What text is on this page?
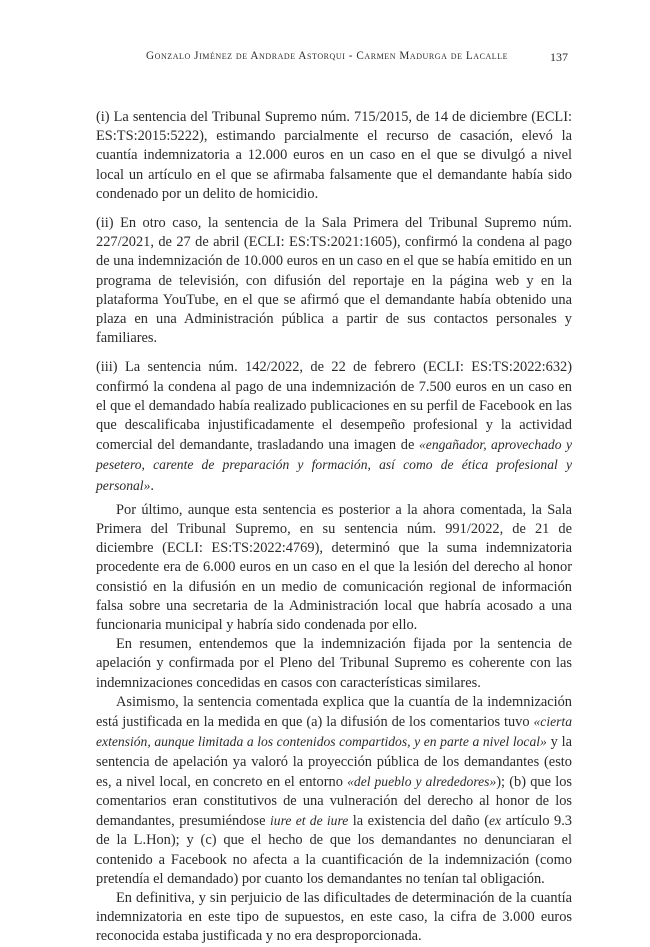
Gonzalo Jiménez de Andrade Astorqui - Carmen Madurga de Lacalle	137

(i) La sentencia del Tribunal Supremo núm. 715/2015, de 14 de diciembre (ECLI: ES:TS:2015:5222), estimando parcialmente el recurso de casación, elevó la cuantía indemnizatoria a 12.000 euros en un caso en el que se divulgó a nivel local un artículo en el que se afirmaba falsamente que el demandante había sido condenado por un delito de homicidio.

(ii) En otro caso, la sentencia de la Sala Primera del Tribunal Supremo núm. 227/2021, de 27 de abril (ECLI: ES:TS:2021:1605), confirmó la condena al pago de una indemnización de 10.000 euros en un caso en el que se había emitido en un programa de televisión, con difusión del reportaje en la página web y en la plataforma YouTube, en el que se afirmó que el demandante había obtenido una plaza en una Administración pública a partir de sus contactos personales y familiares.

(iii) La sentencia núm. 142/2022, de 22 de febrero (ECLI: ES:TS:2022:632) confirmó la condena al pago de una indemnización de 7.500 euros en un caso en el que el demandado había realizado publicaciones en su perfil de Facebook en las que descalificaba injustificadamente el desempeño profesional y la actividad comercial del demandante, trasladando una imagen de «engañador, aprovechado y pesetero, carente de preparación y formación, así como de ética profesional y personal».

Por último, aunque esta sentencia es posterior a la ahora comentada, la Sala Primera del Tribunal Supremo, en su sentencia núm. 991/2022, de 21 de diciembre (ECLI: ES:TS:2022:4769), determinó que la suma indemnizatoria procedente era de 6.000 euros en un caso en el que la lesión del derecho al honor consistió en la difusión en un medio de comunicación regional de información falsa sobre una secretaria de la Administración local que habría acosado a una funcionaria municipal y habría sido condenada por ello.

En resumen, entendemos que la indemnización fijada por la sentencia de apelación y confirmada por el Pleno del Tribunal Supremo es coherente con las indemnizaciones concedidas en casos con características similares.

Asimismo, la sentencia comentada explica que la cuantía de la indemnización está justificada en la medida en que (a) la difusión de los comentarios tuvo «cierta extensión, aunque limitada a los contenidos compartidos, y en parte a nivel local» y la sentencia de apelación ya valoró la proyección pública de los demandantes (esto es, a nivel local, en concreto en el entorno «del pueblo y alrededores»); (b) que los comentarios eran constitutivos de una vulneración del derecho al honor de los demandantes, presumiéndose iure et de iure la existencia del daño (ex artículo 9.3 de la L.Hon); y (c) que el hecho de que los demandantes no denunciaran el contenido a Facebook no afecta a la cuantificación de la indemnización (como pretendía el demandado) por cuanto los demandantes no tenían tal obligación.

En definitiva, y sin perjuicio de las dificultades de determinación de la cuantía indemnizatoria en este tipo de supuestos, en este caso, la cifra de 3.000 euros reconocida estaba justificada y no era desproporcionada.
